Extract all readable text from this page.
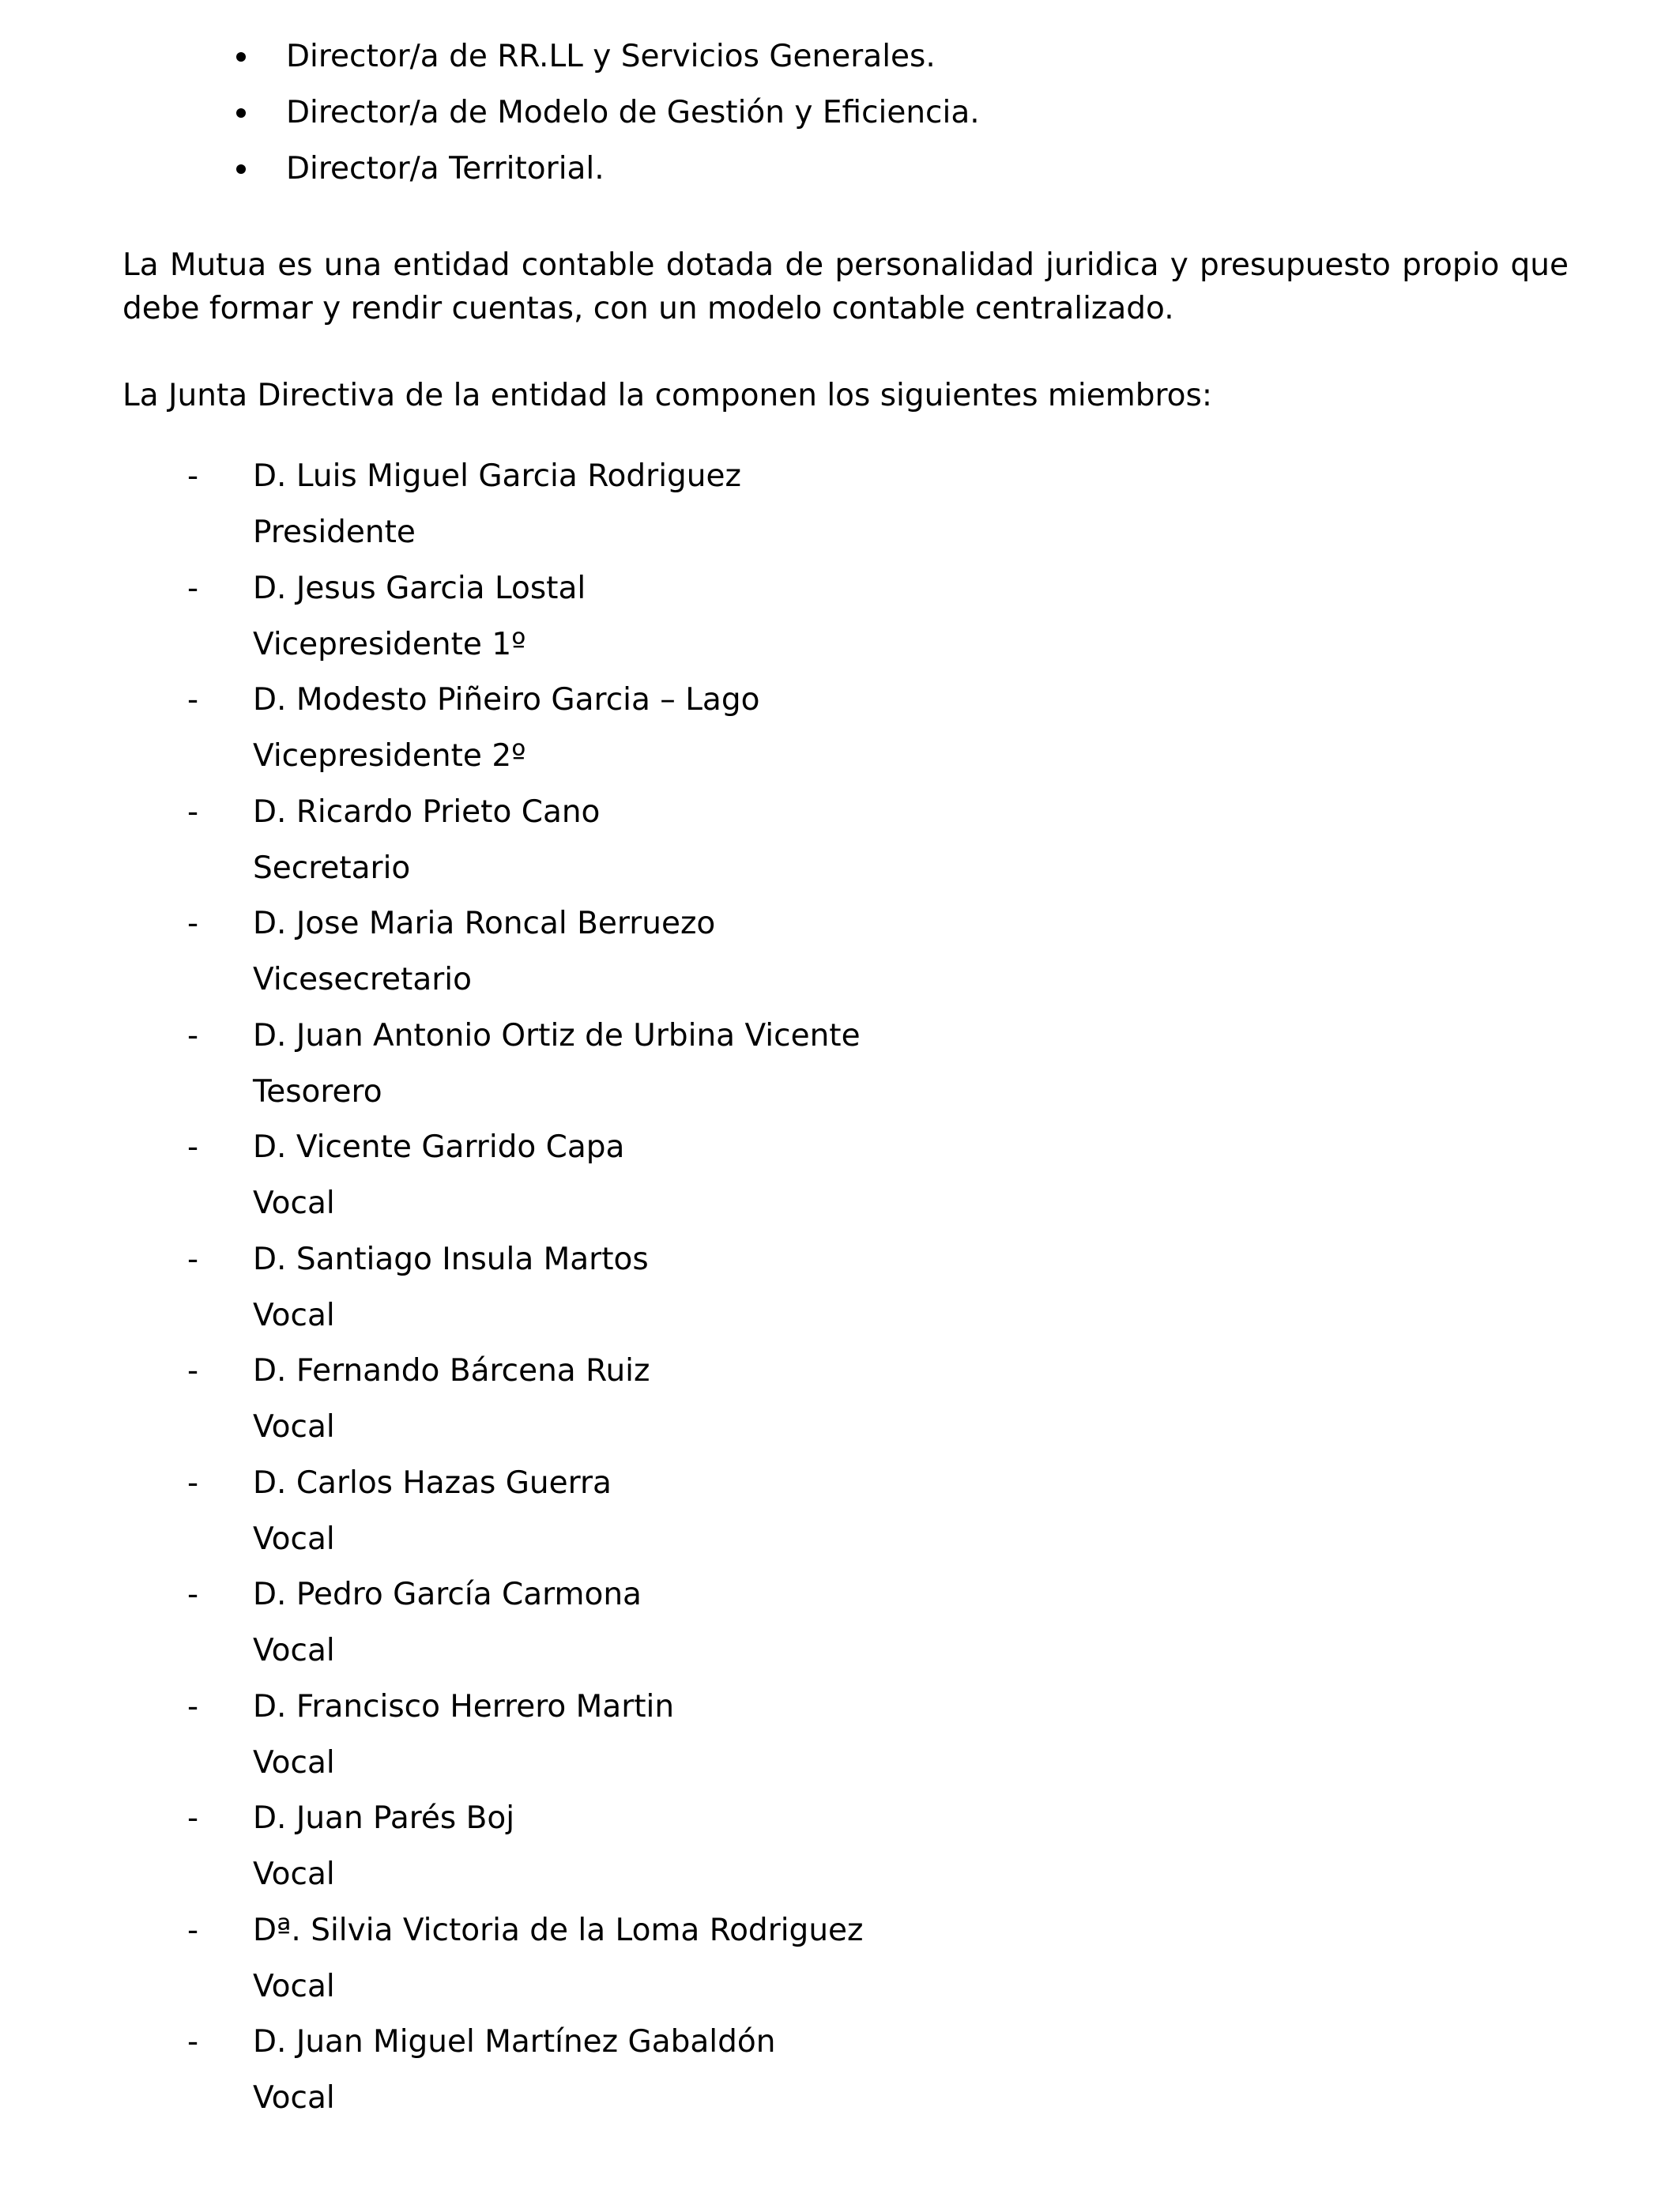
Director/a de RR.LL y Servicios Generales.
Director/a de Modelo de Gestión y Eficiencia.
Director/a Territorial.

La Mutua es una entidad contable dotada de personalidad juridica y presupuesto propio que debe formar y rendir cuentas, con un modelo contable centralizado.

La Junta Directiva de la entidad la componen los siguientes miembros:

- D. Luis Miguel Garcia Rodriguez
Presidente
- D. Jesus Garcia Lostal
Vicepresidente 1º
- D. Modesto Piñeiro Garcia – Lago
Vicepresidente 2º
- D. Ricardo Prieto Cano
Secretario
- D. Jose Maria Roncal Berruezo
Vicesecretario
- D. Juan Antonio Ortiz de Urbina Vicente
Tesorero
- D. Vicente Garrido Capa
Vocal
- D. Santiago Insula Martos
Vocal
- D. Fernando Bárcena Ruiz
Vocal
- D. Carlos Hazas Guerra
Vocal
- D. Pedro García Carmona
Vocal
- D. Francisco Herrero Martin
Vocal
- D. Juan Parés Boj
Vocal
- Dª. Silvia Victoria de la Loma Rodriguez
Vocal
- D. Juan Miguel Martínez Gabaldón
Vocal
